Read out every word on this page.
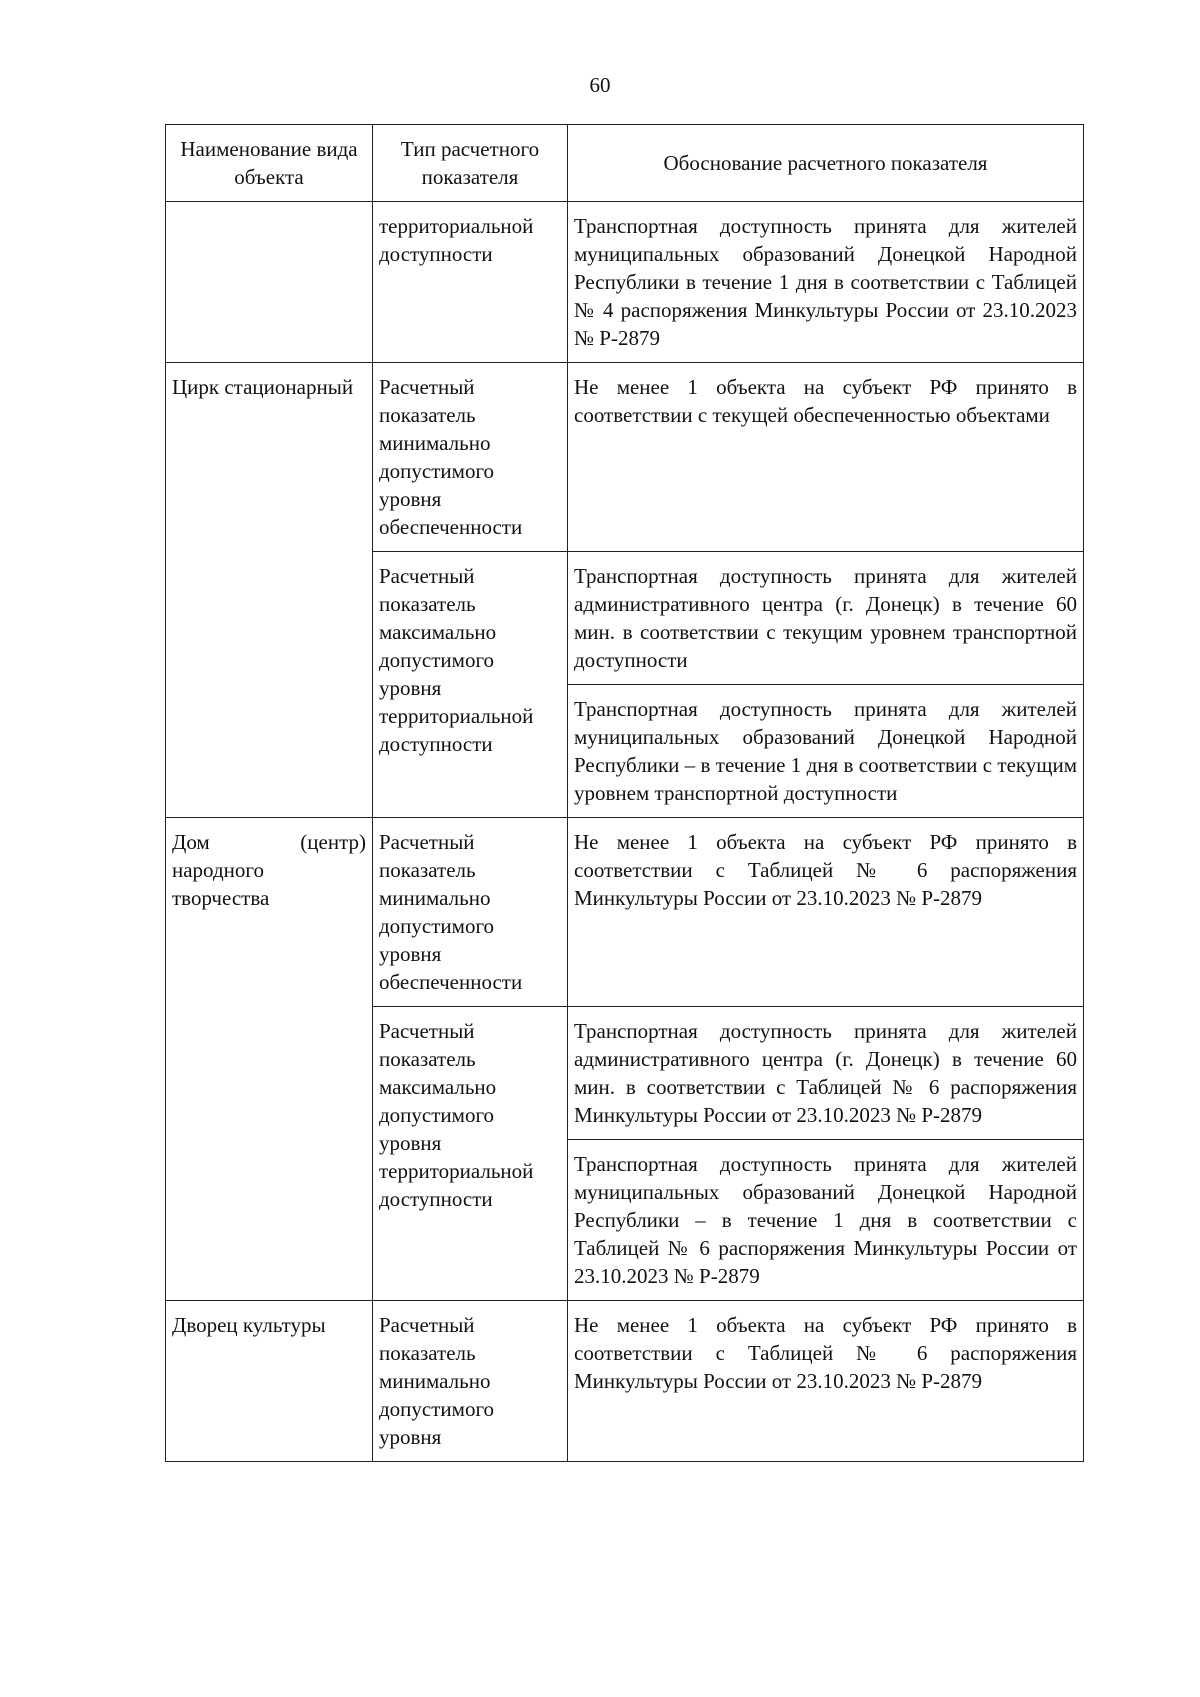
60
Наименование вида объекта	Тип расчетного показателя	Обоснование расчетного показателя
	территориальной доступности	Транспортная доступность принята для жителей муниципальных образований Донецкой Народной Республики в течение 1 дня в соответствии с Таблицей № 4 распоряжения Минкультуры России от 23.10.2023 № Р-2879
Цирк стационарный	Расчетный показатель минимально допустимого уровня обеспеченности	Не менее 1 объекта на субъект РФ принято в соответствии с текущей обеспеченностью объектами
	Расчетный показатель максимально допустимого уровня территориальной доступности	Транспортная доступность принята для жителей административного центра (г. Донецк) в течение 60 мин. в соответствии с текущим уровнем транспортной доступности
		Транспортная доступность принята для жителей муниципальных образований Донецкой Народной Республики – в течение 1 дня в соответствии с текущим уровнем транспортной доступности
Дом (центр) народного творчества	Расчетный показатель минимально допустимого уровня обеспеченности	Не менее 1 объекта на субъект РФ принято в соответствии с Таблицей № 6 распоряжения Минкультуры России от 23.10.2023 № Р-2879
	Расчетный показатель максимально допустимого уровня территориальной доступности	Транспортная доступность принята для жителей административного центра (г. Донецк) в течение 60 мин. в соответствии с Таблицей № 6 распоряжения Минкультуры России от 23.10.2023 № Р-2879
		Транспортная доступность принята для жителей муниципальных образований Донецкой Народной Республики – в течение 1 дня в соответствии с Таблицей № 6 распоряжения Минкультуры России от 23.10.2023 № Р-2879
Дворец культуры	Расчетный показатель минимально допустимого уровня	Не менее 1 объекта на субъект РФ принято в соответствии с Таблицей № 6 распоряжения Минкультуры России от 23.10.2023 № Р-2879
